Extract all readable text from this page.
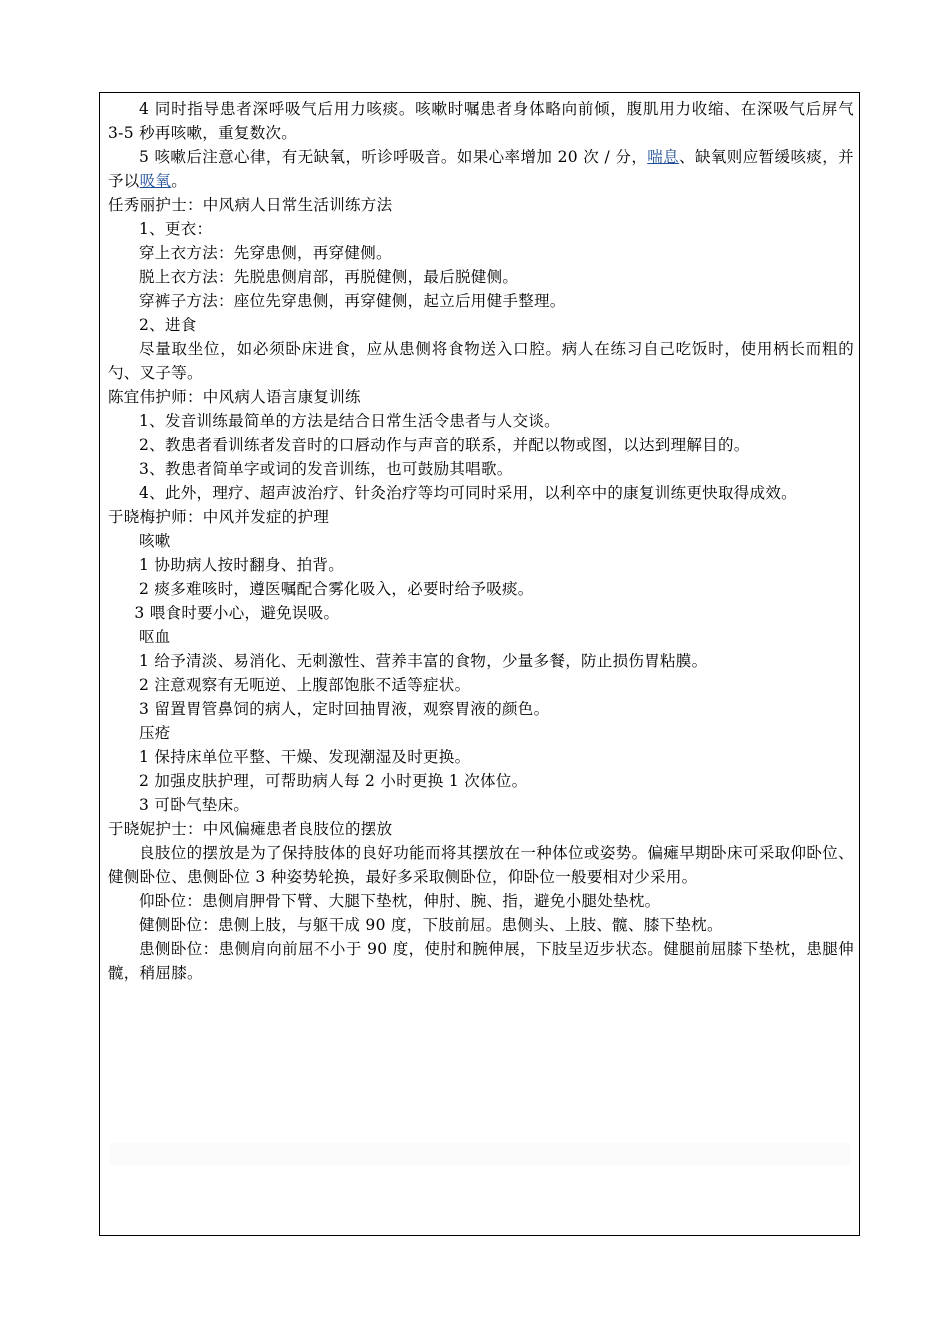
4 同时指导患者深呼吸气后用力咳痰。咳嗽时嘱患者身体略向前倾，腹肌用力收缩、在深吸气后屏气 3-5 秒再咳嗽，重复数次。

5 咳嗽后注意心律，有无缺氧，听诊呼吸音。如果心率增加 20 次 / 分，喘息、缺氧则应暂缓咳痰，并予以吸氧。

任秀丽护士：中风病人日常生活训练方法

1、更衣：

穿上衣方法：先穿患侧，再穿健侧。

脱上衣方法：先脱患侧肩部，再脱健侧，最后脱健侧。

穿裤子方法：座位先穿患侧，再穿健侧，起立后用健手整理。

2、进食

尽量取坐位，如必须卧床进食，应从患侧将食物送入口腔。病人在练习自己吃饭时，使用柄长而粗的勺、叉子等。

陈宜伟护师：中风病人语言康复训练

1、发音训练最简单的方法是结合日常生活令患者与人交谈。

2、教患者看训练者发音时的口唇动作与声音的联系，并配以物或图，以达到理解目的。

3、教患者简单字或词的发音训练，也可鼓励其唱歌。

4、此外，理疗、超声波治疗、针灸治疗等均可同时采用，以利卒中的康复训练更快取得成效。

于晓梅护师：中风并发症的护理

咳嗽

1 协助病人按时翻身、拍背。

2 痰多难咳时，遵医嘱配合雾化吸入，必要时给予吸痰。

3 喂食时要小心，避免误吸。

呕血

1 给予清淡、易消化、无刺激性、营养丰富的食物，少量多餐，防止损伤胃粘膜。

2 注意观察有无呃逆、上腹部饱胀不适等症状。

3 留置胃管鼻饲的病人，定时回抽胃液，观察胃液的颜色。

压疮

1 保持床单位平整、干燥、发现潮湿及时更换。

2 加强皮肤护理，可帮助病人每 2 小时更换 1 次体位。

3 可卧气垫床。

于晓妮护士：中风偏瘫患者良肢位的摆放

良肢位的摆放是为了保持肢体的良好功能而将其摆放在一种体位或姿势。偏瘫早期卧床可采取仰卧位、健侧卧位、患侧卧位 3 种姿势轮换，最好多采取侧卧位，仰卧位一般要相对少采用。

仰卧位：患侧肩胛骨下臂、大腿下垫枕，伸肘、腕、指，避免小腿处垫枕。

健侧卧位：患侧上肢，与躯干成 90 度，下肢前屈。患侧头、上肢、髋、膝下垫枕。

患侧卧位：患侧肩向前屈不小于 90 度，使肘和腕伸展，下肢呈迈步状态。健腿前屈膝下垫枕，患腿伸髋，稍屈膝。
